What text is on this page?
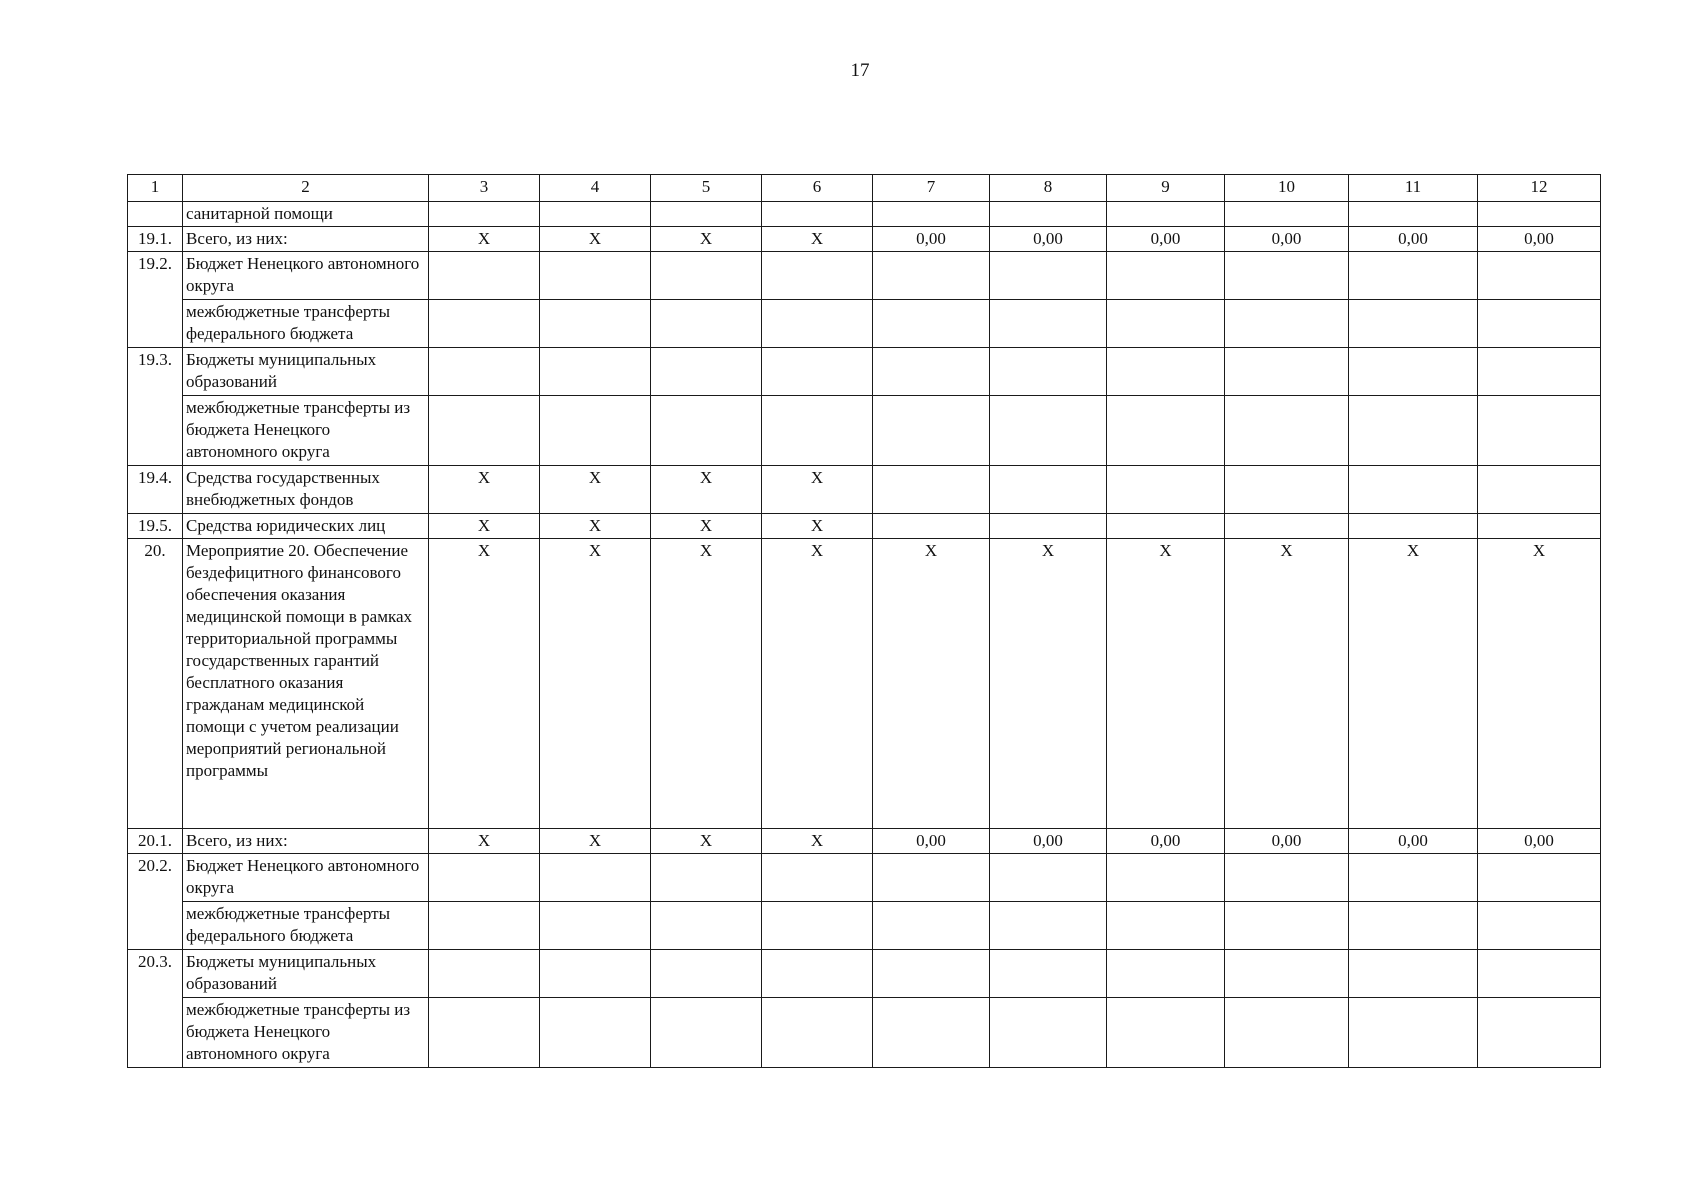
17
1	2	3	4	5	6	7	8	9	10	11	12
	санитарной помощи										
19.1.	Всего, из них:	X	X	X	X	0,00	0,00	0,00	0,00	0,00	0,00
19.2.	Бюджет Ненецкого автономного округа										
	межбюджетные трансферты федерального бюджета										
19.3.	Бюджеты муниципальных образований										
	межбюджетные трансферты из бюджета Ненецкого автономного округа										
19.4.	Средства государственных внебюджетных фондов	X	X	X	X						
19.5.	Средства юридических лиц	X	X	X	X						
20.	Мероприятие 20. Обеспечение бездефицитного финансового обеспечения оказания медицинской помощи в рамках территориальной программы государственных гарантий бесплатного оказания гражданам медицинской помощи с учетом реализации мероприятий региональной программы	X	X	X	X	X	X	X	X	X	X
20.1.	Всего, из них:	X	X	X	X	0,00	0,00	0,00	0,00	0,00	0,00
20.2.	Бюджет Ненецкого автономного округа										
	межбюджетные трансферты федерального бюджета										
20.3.	Бюджеты муниципальных образований										
	межбюджетные трансферты из бюджета Ненецкого автономного округа										
